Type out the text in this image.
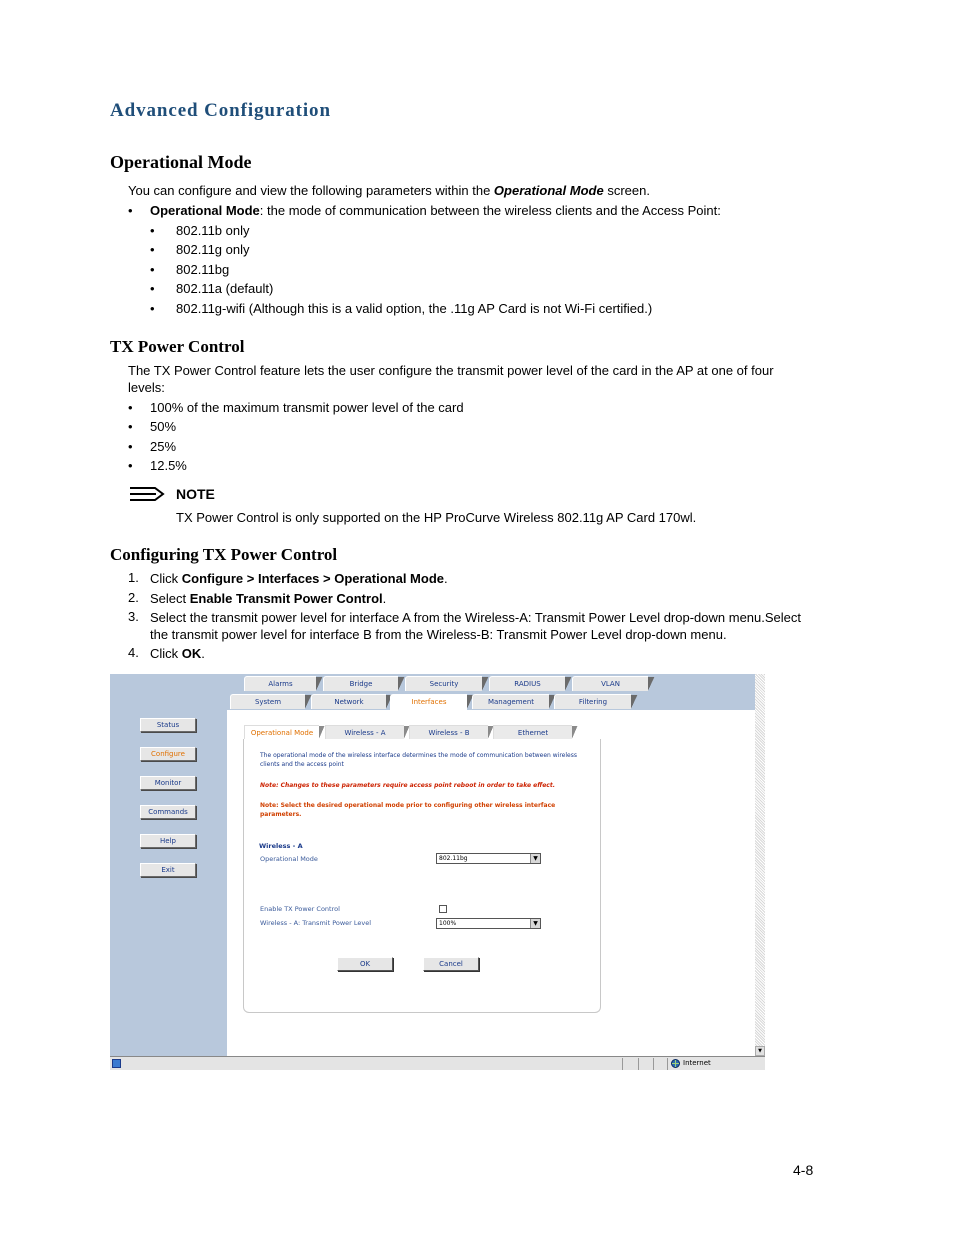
Advanced Configuration
Operational Mode
You can configure and view the following parameters within the Operational Mode screen.
• Operational Mode: the mode of communication between the wireless clients and the Access Point:
• 802.11b only
• 802.11g only
• 802.11bg
• 802.11a (default)
• 802.11g-wifi (Although this is a valid option, the .11g AP Card is not Wi-Fi certified.)
TX Power Control
The TX Power Control feature lets the user configure the transmit power level of the card in the AP at one of four levels:
• 100% of the maximum transmit power level of the card
• 50%
• 25%
• 12.5%
NOTE
TX Power Control is only supported on the HP ProCurve Wireless 802.11g AP Card 170wl.
Configuring TX Power Control
1. Click Configure > Interfaces > Operational Mode.
2. Select Enable Transmit Power Control.
3. Select the transmit power level for interface A from the Wireless-A: Transmit Power Level drop-down menu.Select the transmit power level for interface B from the Wireless-B: Transmit Power Level drop-down menu.
4. Click OK.
Status
Configure
Monitor
Commands
Help
Exit
Alarms	Bridge	Security	RADIUS	VLAN
System	Network	Interfaces	Management	Filtering
Operational Mode	Wireless - A	Wireless - B	Ethernet
The operational mode of the wireless interface determines the mode of communication between wireless clients and the access point
Note: Changes to these parameters require access point reboot in order to take effect.
Note: Select the desired operational mode prior to configuring other wireless interface parameters.
Wireless - A
Operational Mode	802.11bg	▼
Enable TX Power Control
Wireless - A: Transmit Power Level	100%	▼
OK	Cancel
▼
Internet
4-8
